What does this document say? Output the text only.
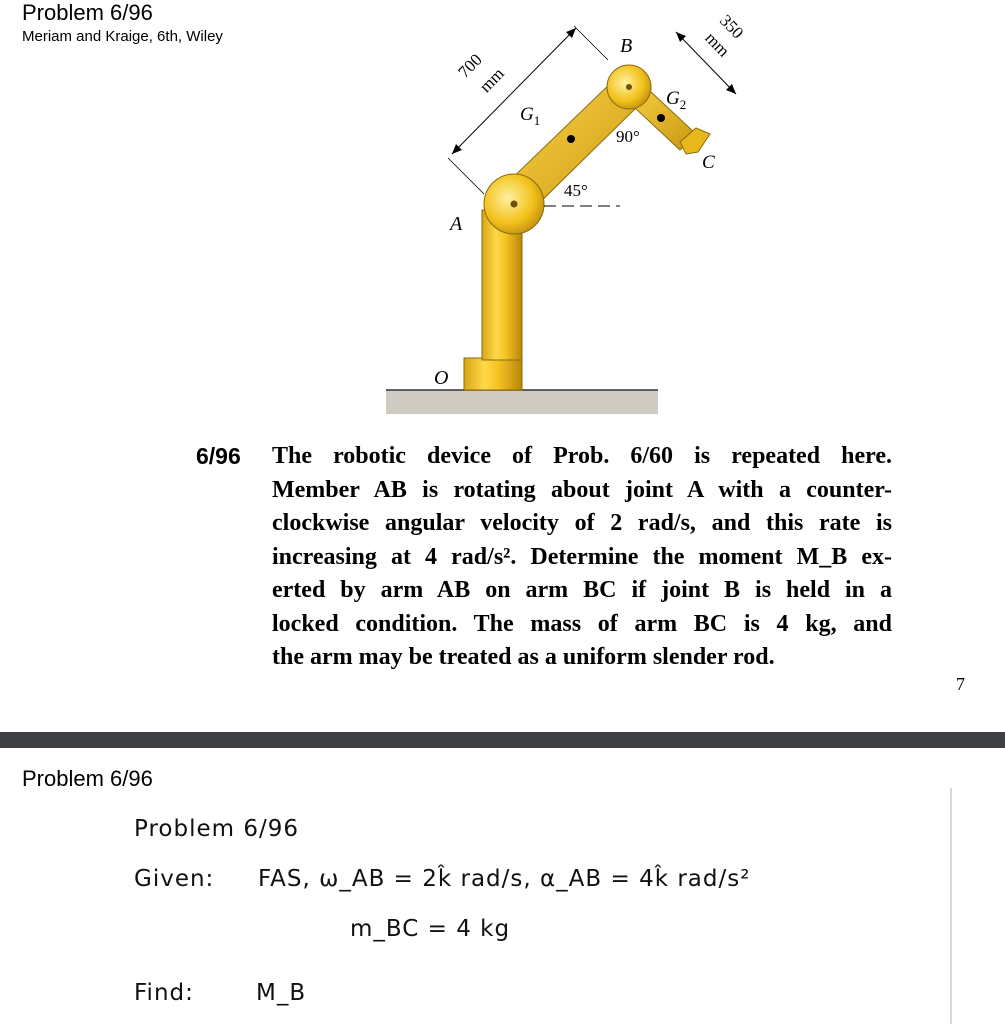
Problem 6/96
Meriam and Kraige, 6th, Wiley
700
mm
350
mm
B
$G_1$
$G_2$
C
A
O
45°
90°
6/96 The robotic device of Prob. 6/60 is repeated here.
Member AB is rotating about joint A with a counter-
clockwise angular velocity of 2 rad/s, and this rate is
increasing at 4 rad/s². Determine the moment M_B ex-
erted by arm AB on arm BC if joint B is held in a
locked condition. The mass of arm BC is 4 kg, and
the arm may be treated as a uniform slender rod.
7
Problem 6/96
Problem 6/96
Given: FAS, ω_AB = 2k̂ rad/s, α_AB = 4k̂ rad/s²
m_BC = 4 kg
Find:	M_B
